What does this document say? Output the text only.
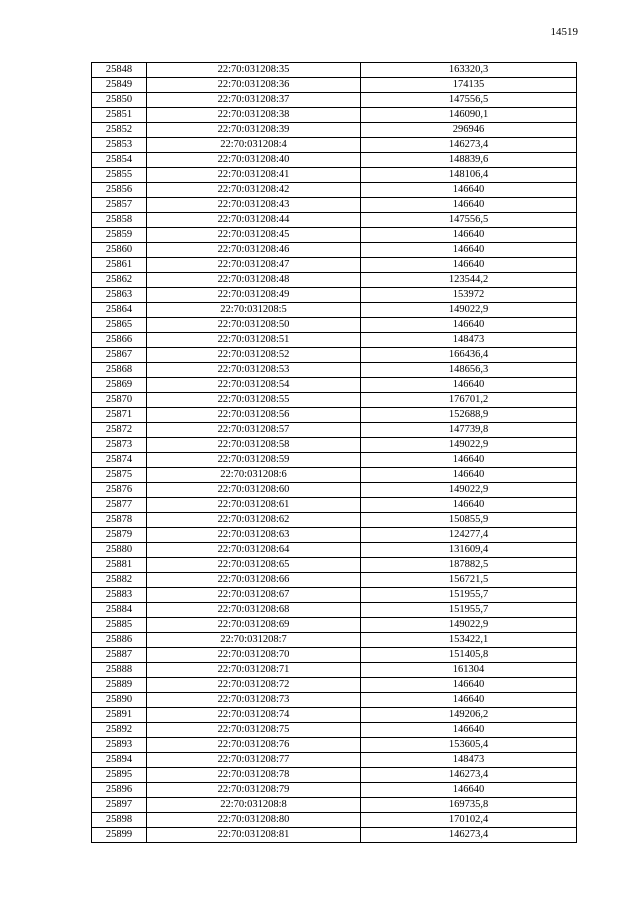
14519
25848	22:70:031208:35	163320,3
25849	22:70:031208:36	174135
25850	22:70:031208:37	147556,5
25851	22:70:031208:38	146090,1
25852	22:70:031208:39	296946
25853	22:70:031208:4	146273,4
25854	22:70:031208:40	148839,6
25855	22:70:031208:41	148106,4
25856	22:70:031208:42	146640
25857	22:70:031208:43	146640
25858	22:70:031208:44	147556,5
25859	22:70:031208:45	146640
25860	22:70:031208:46	146640
25861	22:70:031208:47	146640
25862	22:70:031208:48	123544,2
25863	22:70:031208:49	153972
25864	22:70:031208:5	149022,9
25865	22:70:031208:50	146640
25866	22:70:031208:51	148473
25867	22:70:031208:52	166436,4
25868	22:70:031208:53	148656,3
25869	22:70:031208:54	146640
25870	22:70:031208:55	176701,2
25871	22:70:031208:56	152688,9
25872	22:70:031208:57	147739,8
25873	22:70:031208:58	149022,9
25874	22:70:031208:59	146640
25875	22:70:031208:6	146640
25876	22:70:031208:60	149022,9
25877	22:70:031208:61	146640
25878	22:70:031208:62	150855,9
25879	22:70:031208:63	124277,4
25880	22:70:031208:64	131609,4
25881	22:70:031208:65	187882,5
25882	22:70:031208:66	156721,5
25883	22:70:031208:67	151955,7
25884	22:70:031208:68	151955,7
25885	22:70:031208:69	149022,9
25886	22:70:031208:7	153422,1
25887	22:70:031208:70	151405,8
25888	22:70:031208:71	161304
25889	22:70:031208:72	146640
25890	22:70:031208:73	146640
25891	22:70:031208:74	149206,2
25892	22:70:031208:75	146640
25893	22:70:031208:76	153605,4
25894	22:70:031208:77	148473
25895	22:70:031208:78	146273,4
25896	22:70:031208:79	146640
25897	22:70:031208:8	169735,8
25898	22:70:031208:80	170102,4
25899	22:70:031208:81	146273,4
